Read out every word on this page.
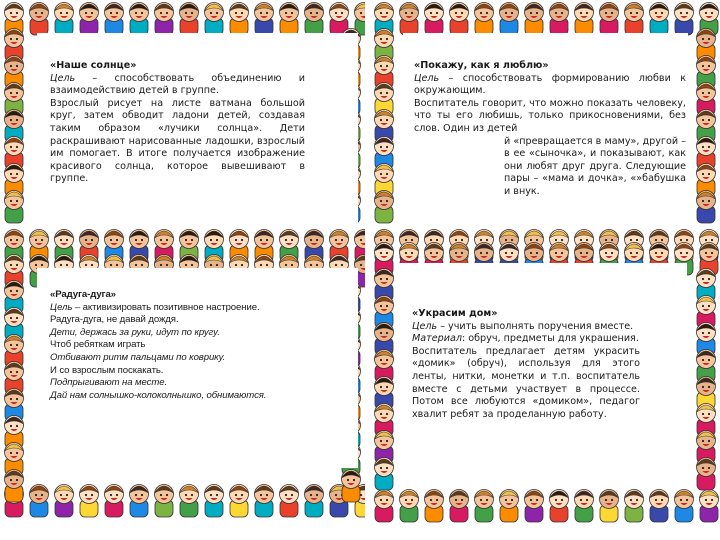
«Наше солнце»

Цель – способствовать объединению и взаимодействию детей в группе.

Взрослый рисует на листе ватмана большой круг, затем обводит ладони детей, создавая таким образом «лучики солнца». Дети раскрашивают нарисованные ладошки, взрослый им помогает. В итоге получается изображение красивого солнца, которое вывешивают в группе.

«Покажу, как я люблю»

Цель – способствовать формированию любви к окружающим.

Воспитатель говорит, что можно показать человеку, что ты его любишь, только прикосновениями, без слов. Один из детей

й «превращается в маму», другой – в ее «сыночка», и показывают, как они любят друг друга. Следующие пары – «мама и дочка», «»бабушка и внук.

«Радуга-дуга»

Цель – активизировать позитивное настроение.

Радуга-дуга, не давай дождя.

Дети, держась за руки, идут по кругу.

Чтоб ребяткам играть

Отбивают ритм пальцами по коврику.

И со взрослым поскакать.

Подпрыгивают на месте.

Дай нам солнышко-колоколнышко, обнимаются.

«Украсим дом»

Цель – учить выполнять поручения вместе.

Материал: обруч, предметы для украшения.

Воспитатель предлагает детям украсить «домик» (обруч), используя для этого ленты, нитки, монетки и т.п. воспитатель вместе с детьми участвует в процессе. Потом все любуются «домиком», педагог хвалит ребят за проделанную работу.
